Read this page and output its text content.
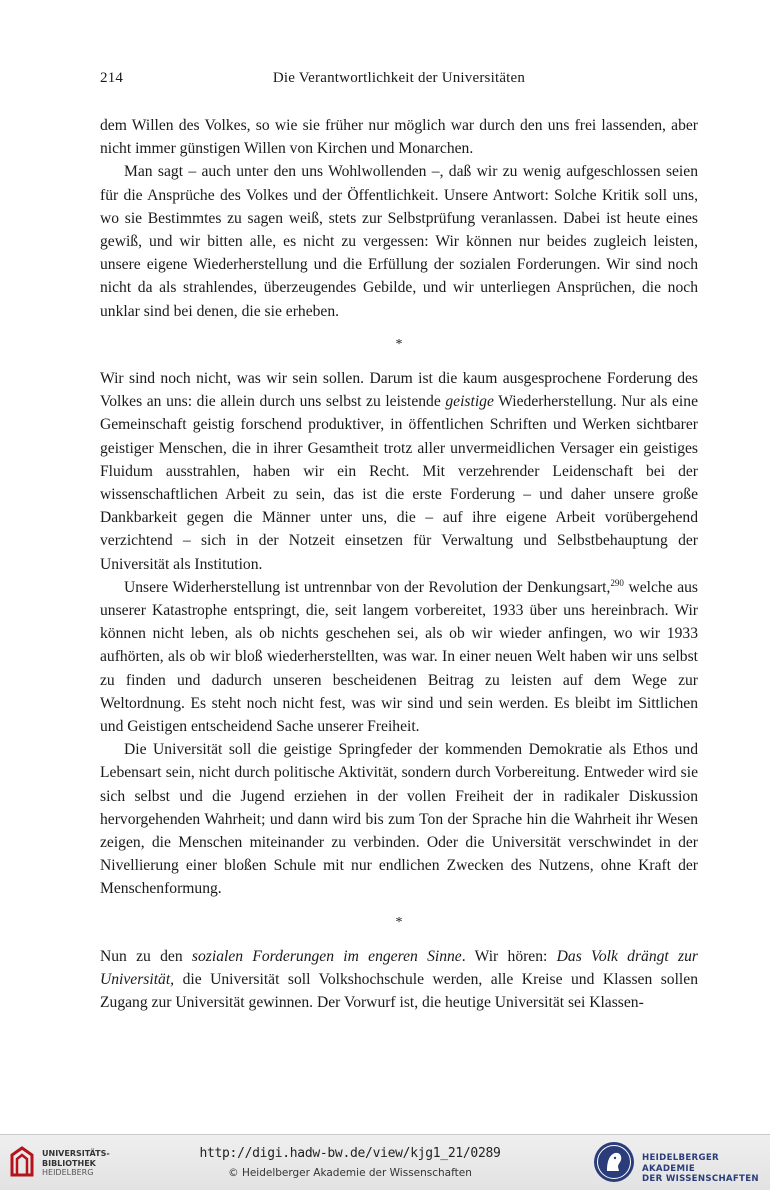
214	Die Verantwortlichkeit der Universitäten

dem Willen des Volkes, so wie sie früher nur möglich war durch den uns frei lassenden, aber nicht immer günstigen Willen von Kirchen und Monarchen.

Man sagt – auch unter den uns Wohlwollenden –, daß wir zu wenig aufgeschlossen seien für die Ansprüche des Volkes und der Öffentlichkeit. Unsere Antwort: Solche Kritik soll uns, wo sie Bestimmtes zu sagen weiß, stets zur Selbstprüfung veranlassen. Dabei ist heute eines gewiß, und wir bitten alle, es nicht zu vergessen: Wir können nur beides zugleich leisten, unsere eigene Wiederherstellung und die Erfüllung der sozialen Forderungen. Wir sind noch nicht da als strahlendes, überzeugendes Gebilde, und wir unterliegen Ansprüchen, die noch unklar sind bei denen, die sie erheben.

*

Wir sind noch nicht, was wir sein sollen. Darum ist die kaum ausgesprochene Forderung des Volkes an uns: die allein durch uns selbst zu leistende geistige Wiederherstellung. Nur als eine Gemeinschaft geistig forschend produktiver, in öffentlichen Schriften und Werken sichtbarer geistiger Menschen, die in ihrer Gesamtheit trotz aller unvermeidlichen Versager ein geistiges Fluidum ausstrahlen, haben wir ein Recht. Mit verzehrender Leidenschaft bei der wissenschaftlichen Arbeit zu sein, das ist die erste Forderung – und daher unsere große Dankbarkeit gegen die Männer unter uns, die – auf ihre eigene Arbeit vorübergehend verzichtend – sich in der Notzeit einsetzen für Verwaltung und Selbstbehauptung der Universität als Institution.

Unsere Widerherstellung ist untrennbar von der Revolution der Denkungsart,$^{290}$ welche aus unserer Katastrophe entspringt, die, seit langem vorbereitet, 1933 über uns hereinbrach. Wir können nicht leben, als ob nichts geschehen sei, als ob wir wieder anfingen, wo wir 1933 aufhörten, als ob wir bloß wiederherstellten, was war. In einer neuen Welt haben wir uns selbst zu finden und dadurch unseren bescheidenen Beitrag zu leisten auf dem Wege zur Weltordnung. Es steht noch nicht fest, was wir sind und sein werden. Es bleibt im Sittlichen und Geistigen entscheidend Sache unserer Freiheit.

Die Universität soll die geistige Springfeder der kommenden Demokratie als Ethos und Lebensart sein, nicht durch politische Aktivität, sondern durch Vorbereitung. Entweder wird sie sich selbst und die Jugend erziehen in der vollen Freiheit der in radikaler Diskussion hervorgehenden Wahrheit; und dann wird bis zum Ton der Sprache hin die Wahrheit ihr Wesen zeigen, die Menschen miteinander zu verbinden. Oder die Universität verschwindet in der Nivellierung einer bloßen Schule mit nur endlichen Zwecken des Nutzens, ohne Kraft der Menschenformung.

*

Nun zu den sozialen Forderungen im engeren Sinne. Wir hören: Das Volk drängt zur Universität, die Universität soll Volkshochschule werden, alle Kreise und Klassen sollen Zugang zur Universität gewinnen. Der Vorwurf ist, die heutige Universität sei Klassen-

UNIVERSITÄTS-
BIBLIOTHEK
HEIDELBERG
http://digi.hadw-bw.de/view/kjg1_21/0289
© Heidelberger Akademie der Wissenschaften
HEIDELBERGER AKADEMIE
DER WISSENSCHAFTEN
